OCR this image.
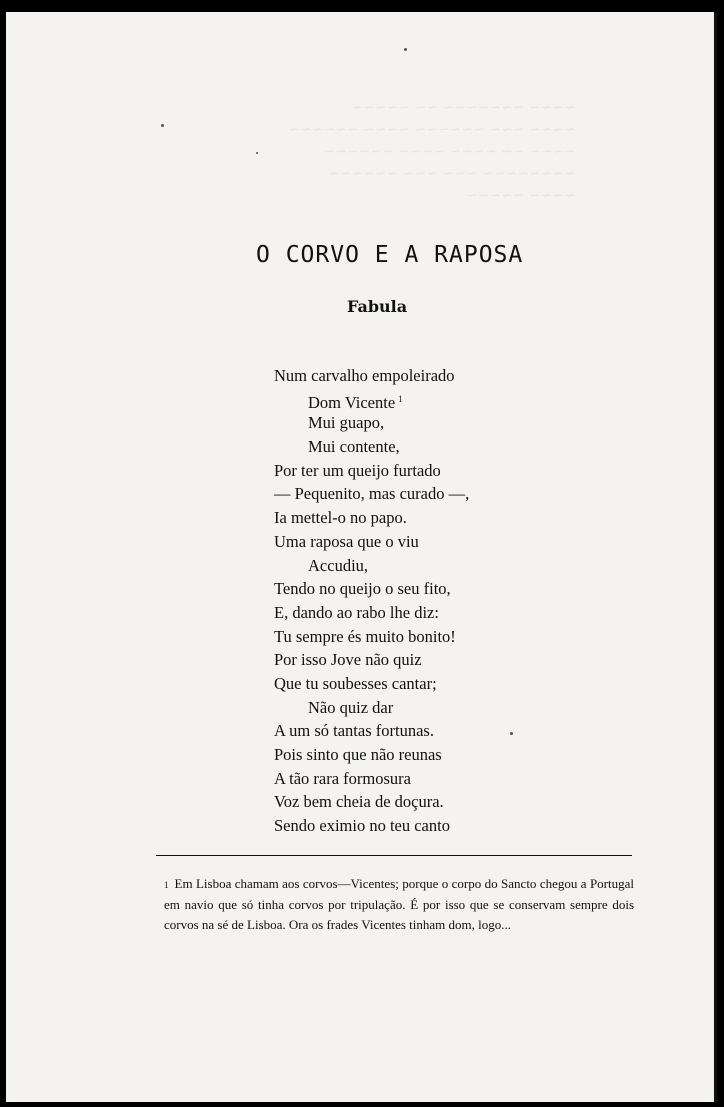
~~~~ ~~~~~~~ ~~ ~~~~~
~~~~ ~~~ ~~~~~~ ~~~~ ~~~~~~
~~~~ ~~ ~~~~ ~~~~ ~~~~~~
~~~~~~~~ ~~~ ~~~ ~~~~~~
~~~~ ~~~~~
O CORVO E A RAPOSA
Fabula
Num carvalho empoleirado
Dom Vicente $^1$
Mui guapo,
Mui contente,
Por ter um queijo furtado
— Pequenito, mas curado —,
Ia mettel-o no papo.
Uma raposa que o viu
Accudiu,
Tendo no queijo o seu fito,
E, dando ao rabo lhe diz:
Tu sempre és muito bonito!
Por isso Jove não quiz
Que tu soubesses cantar;
Não quiz dar
A um só tantas fortunas.
Pois sinto que não reunas
A tão rara formosura
Voz bem cheia de doçura.
Sendo eximio no teu canto
1 Em Lisboa chamam aos corvos—Vicentes; porque o corpo do Sancto chegou a Portugal em navio que só tinha corvos por tripulação. É por isso que se conservam sempre dois corvos na sé de Lisboa. Ora os frades Vicentes tinham dom, logo...
